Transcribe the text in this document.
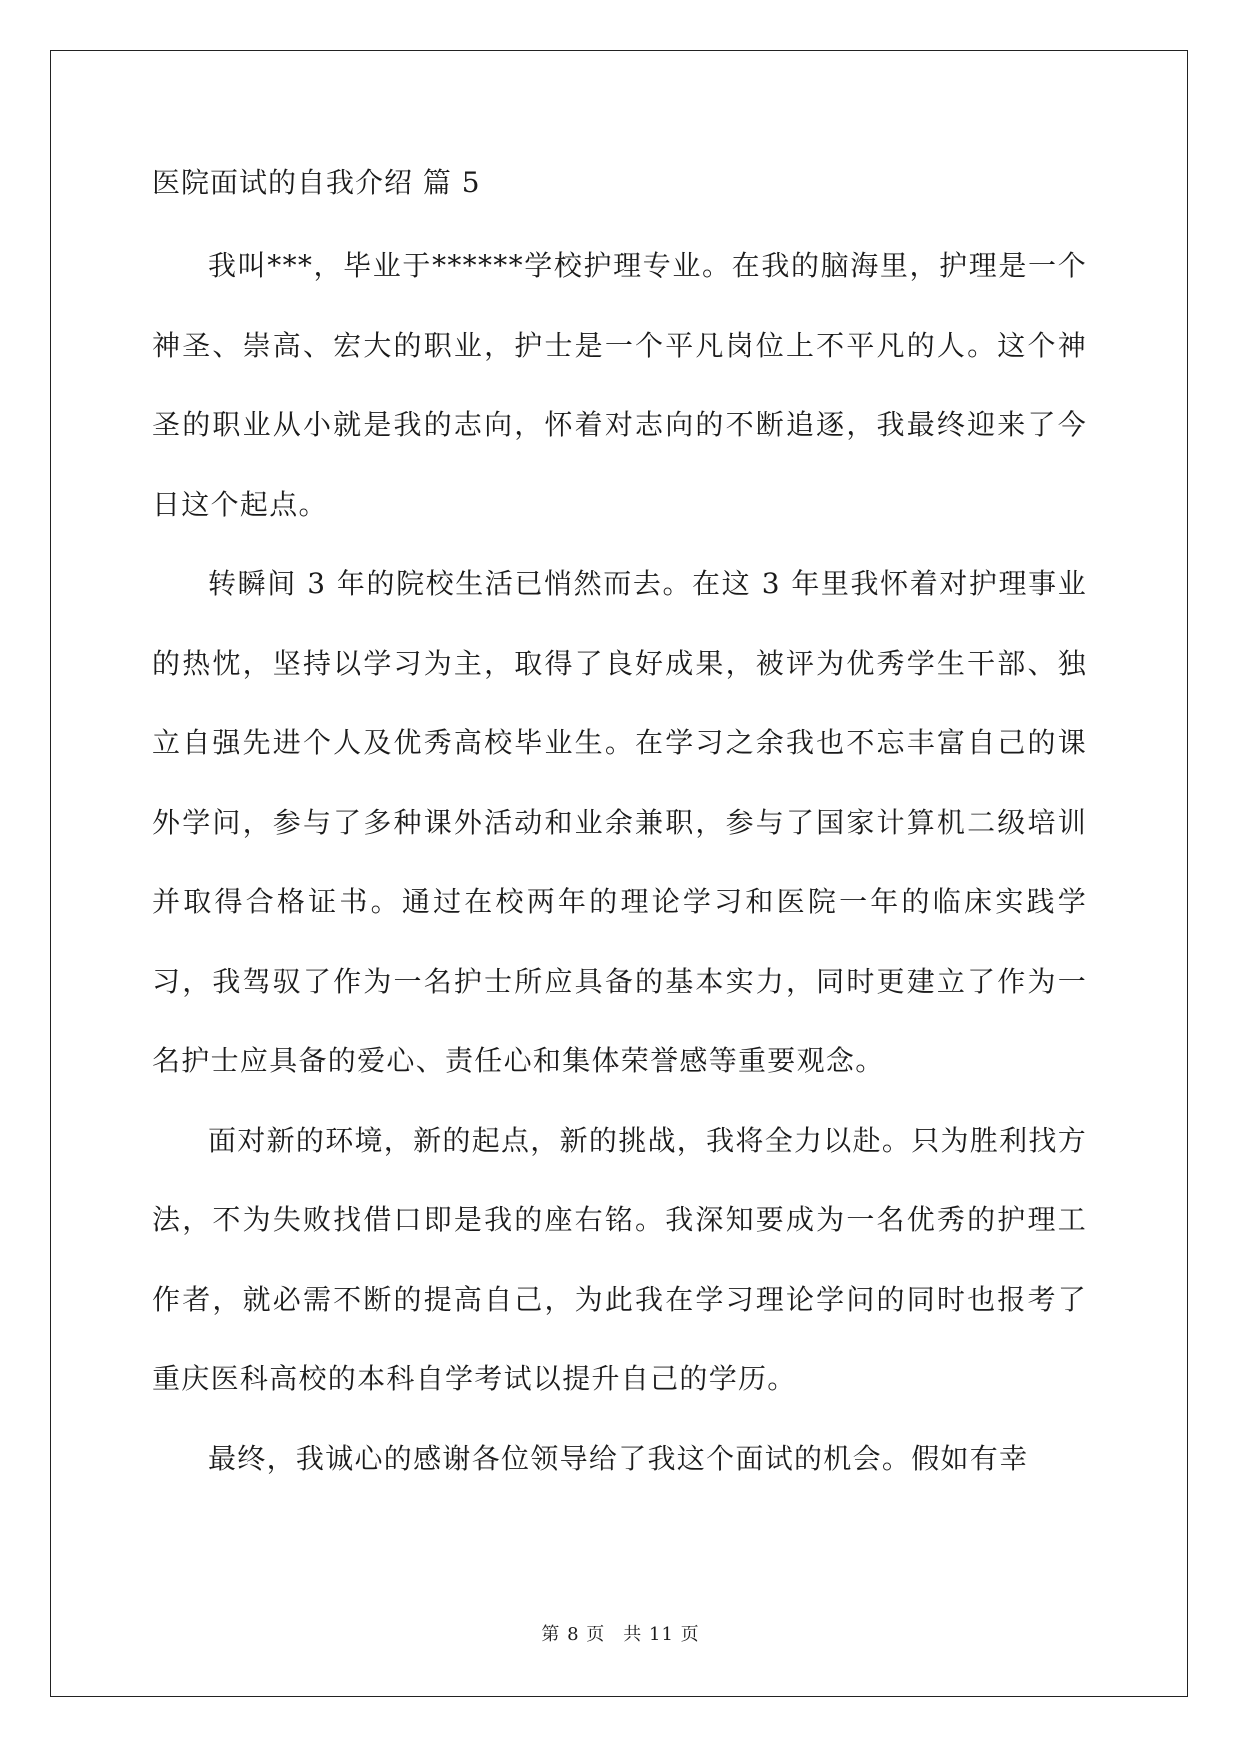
医院面试的自我介绍 篇 5

我叫***，毕业于******学校护理专业。在我的脑海里，护理是一个神圣、崇高、宏大的职业，护士是一个平凡岗位上不平凡的人。这个神圣的职业从小就是我的志向，怀着对志向的不断追逐，我最终迎来了今日这个起点。

转瞬间 3 年的院校生活已悄然而去。在这 3 年里我怀着对护理事业的热忱，坚持以学习为主，取得了良好成果，被评为优秀学生干部、独立自强先进个人及优秀高校毕业生。在学习之余我也不忘丰富自己的课外学问，参与了多种课外活动和业余兼职，参与了国家计算机二级培训并取得合格证书。通过在校两年的理论学习和医院一年的临床实践学习，我驾驭了作为一名护士所应具备的基本实力，同时更建立了作为一名护士应具备的爱心、责任心和集体荣誉感等重要观念。

面对新的环境，新的起点，新的挑战，我将全力以赴。只为胜利找方法，不为失败找借口即是我的座右铭。我深知要成为一名优秀的护理工作者，就必需不断的提高自己，为此我在学习理论学问的同时也报考了重庆医科高校的本科自学考试以提升自己的学历。

最终，我诚心的感谢各位领导给了我这个面试的机会。假如有幸

第 8 页 共 11 页
